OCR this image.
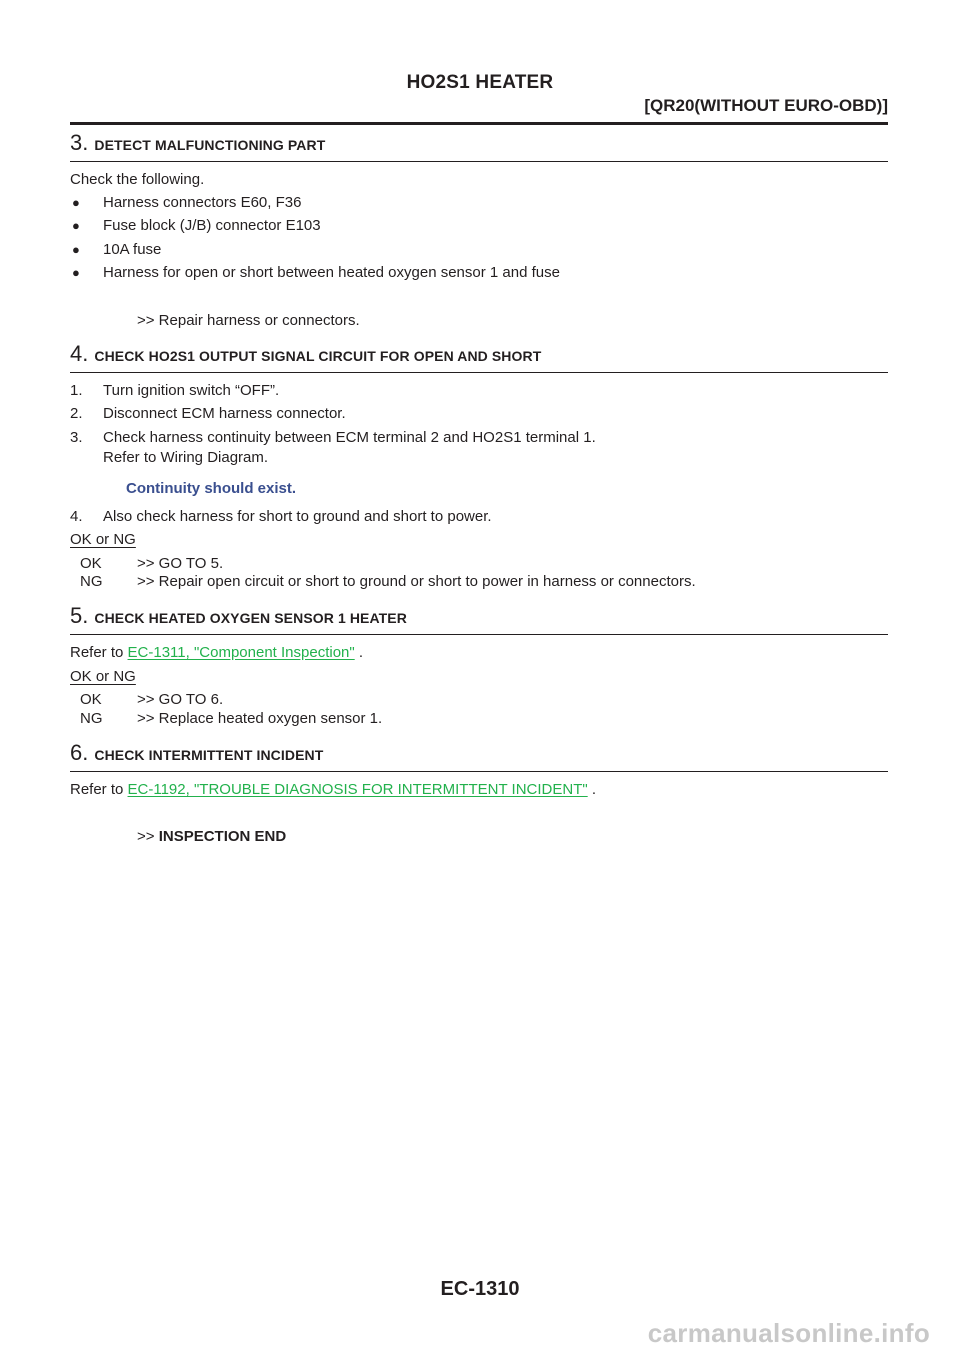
HO2S1 HEATER
[QR20(WITHOUT EURO-OBD)]
3. DETECT MALFUNCTIONING PART
Check the following.
● Harness connectors E60, F36
● Fuse block (J/B) connector E103
● 10A fuse
● Harness for open or short between heated oxygen sensor 1 and fuse
>> Repair harness or connectors.
4. CHECK HO2S1 OUTPUT SIGNAL CIRCUIT FOR OPEN AND SHORT
1. Turn ignition switch “OFF”.
2. Disconnect ECM harness connector.
3. Check harness continuity between ECM terminal 2 and HO2S1 terminal 1.
Refer to Wiring Diagram.
Continuity should exist.
4. Also check harness for short to ground and short to power.
OK or NG
OK >> GO TO 5.
NG >> Repair open circuit or short to ground or short to power in harness or connectors.
5. CHECK HEATED OXYGEN SENSOR 1 HEATER
Refer to EC-1311, "Component Inspection" .
OK or NG
OK >> GO TO 6.
NG >> Replace heated oxygen sensor 1.
6. CHECK INTERMITTENT INCIDENT
Refer to EC-1192, "TROUBLE DIAGNOSIS FOR INTERMITTENT INCIDENT" .
>> INSPECTION END
EC-1310
carmanualsonline.info
